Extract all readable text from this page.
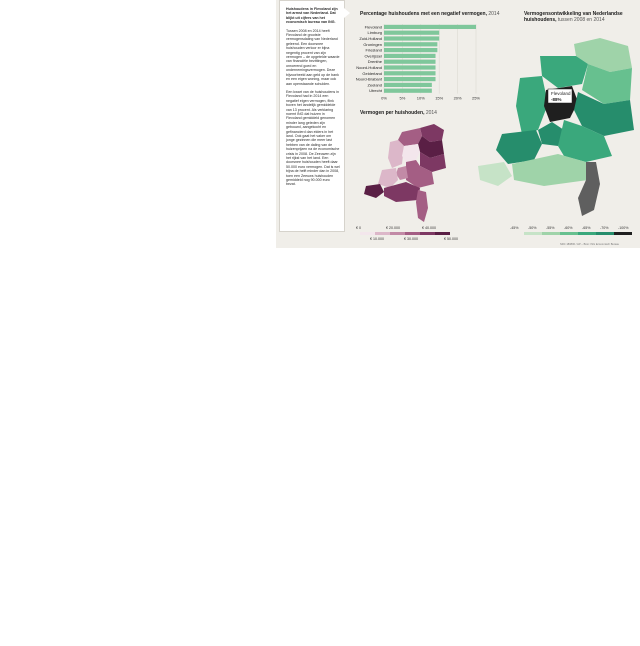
Huishoudens in Flevoland zijn het armst van Nederland. Dat blijkt uit cijfers van het economisch bureau van ING.

Tussen 2008 en 2014 heeft Flevoland de grootste vermogensdaling van Nederland geleend. Een doorsnee huishouden verloor er bijna negentig procent van zijn vermogen – de opgetelde waarde van financiële bezittingen, onroerend goed en ondernemingsvermogen. Deze bijvoorbeeld aan geld op de bank en een eigen woning, maar ook aan openstaande schulden.

Een kwart van de huishoudens in Flevoland had in 2014 een negatief eigen vermogen, flink boven het landelijk gemiddelde van 13 procent. Als verklaring noemt ING dat huizen in Flevoland gemiddeld genomen minder lang geleden zijn gebouwd, aangekocht en gefinancierd dan elders in het land. Ook gaat het vaker om jonge gezinnen die meer last hebben van de daling van de huizenprijzen na de economische crisis in 2008. De Zeeuwen zijn het rijkst van het land. Een doorsnee huishouden heeft daar 50.000 euro vermogen. Dat is wel bijna de helft minder dan in 2008, toen een Zeeuws huishouden gemiddeld nog 90.000 euro bezat.

Percentage huishoudens met een negatief vermogen, 2014
Vermogen per huishouden, 2014
Vermogensontwikkeling van Nederlandse huishoudens, tussen 2008 en 2014
0%	5%	10%	15%	20%	25%
Flevoland
Limburg
Zuid-Holland
Groningen
Friesland
Overijssel
Drenthe
Noord-Holland
Gelderland
Noord-Brabant
Zeeland
Utrecht
€ 0	€ 20.000	€ 40.000
€ 10.000	€ 30.000	€ 50.000
Flevoland
-88%
-45%	-50%	-55%	-60%	-65%	-70%	-100%
NRC 180806 / HP – Bron: ING Economisch Bureau
